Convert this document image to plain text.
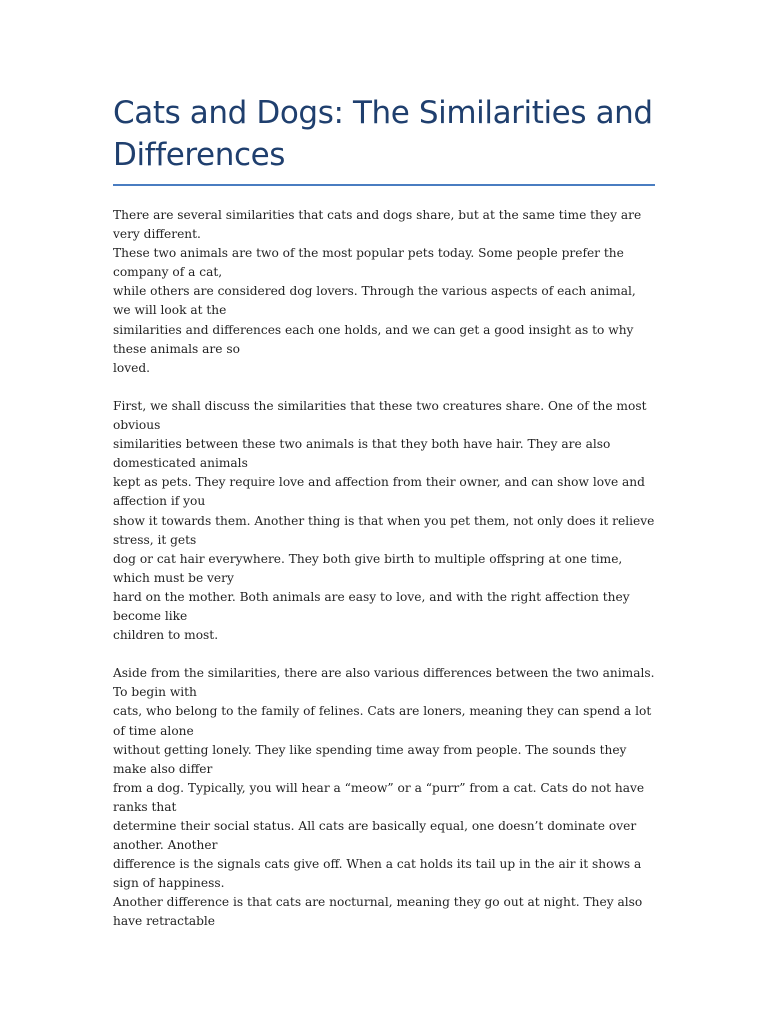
Cats and Dogs: The Similarities and Differences

There are several similarities that cats and dogs share, but at the same time they are very different.
These two animals are two of the most popular pets today. Some people prefer the company of a cat,
while others are considered dog lovers. Through the various aspects of each animal, we will look at the
similarities and differences each one holds, and we can get a good insight as to why these animals are so
loved.

First, we shall discuss the similarities that these two creatures share. One of the most obvious
similarities between these two animals is that they both have hair. They are also domesticated animals
kept as pets. They require love and affection from their owner, and can show love and affection if you
show it towards them. Another thing is that when you pet them, not only does it relieve stress, it gets
dog or cat hair everywhere. They both give birth to multiple offspring at one time, which must be very
hard on the mother. Both animals are easy to love, and with the right affection they become like
children to most.

Aside from the similarities, there are also various differences between the two animals. To begin with
cats, who belong to the family of felines. Cats are loners, meaning they can spend a lot of time alone
without getting lonely. They like spending time away from people. The sounds they make also differ
from a dog. Typically, you will hear a “meow” or a “purr” from a cat. Cats do not have ranks that
determine their social status. All cats are basically equal, one doesn’t dominate over another. Another
difference is the signals cats give off. When a cat holds its tail up in the air it shows a sign of happiness.
Another difference is that cats are nocturnal, meaning they go out at night. They also have retractable
